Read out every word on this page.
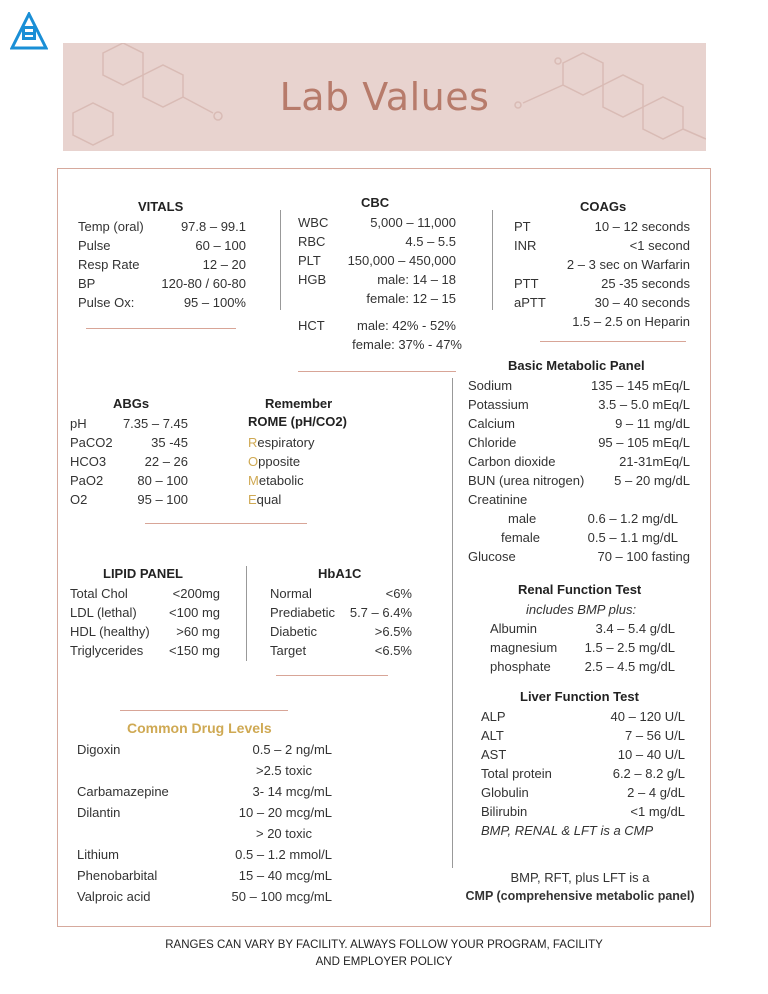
Lab Values
VITALS
Temp (oral)	97.8 – 99.1
Pulse	60 – 100
Resp Rate	12 – 20
BP	120-80 / 60-80
Pulse Ox:	95 – 100%
CBC
WBC	5,000 – 11,000
RBC	4.5 – 5.5
PLT 150,000 – 450,000
HGB	male: 14 – 18
female: 12 – 15
HCT male: 42% - 52%
female: 37% - 47%
COAGs
PT	10 – 12 seconds
INR	<1 second
2 – 3 sec on Warfarin
PTT	25 -35 seconds
aPTT	30 – 40 seconds
1.5 – 2.5 on Heparin
ABGs
pH	7.35 – 7.45
PaCO2	35 -45
HCO3	22 – 26
PaO2	80 – 100
O2	95 – 100
Remember
ROME (pH/CO2)
Respiratory
Opposite
Metabolic
Equal
Basic Metabolic Panel
Sodium	135 – 145 mEq/L
Potassium	3.5 – 5.0 mEq/L
Calcium	9 – 11 mg/dL
Chloride	95 – 105 mEq/L
Carbon dioxide	21-31mEq/L
BUN (urea nitrogen) 5 – 20 mg/dL
Creatinine
male	0.6 – 1.2 mg/dL
female	0.5 – 1.1 mg/dL
Glucose	70 – 100 fasting
LIPID PANEL
Total Chol	<200mg
LDL (lethal) <100 mg
HDL (healthy) >60 mg
Triglycerides <150 mg
HbA1C
Normal	<6%
Prediabetic 5.7 – 6.4%
Diabetic	>6.5%
Target	<6.5%
Renal Function Test
includes BMP plus:
Albumin	3.4 – 5.4 g/dL
magnesium 1.5 – 2.5 mg/dL
phosphate	2.5 – 4.5 mg/dL
Common Drug Levels
Digoxin	0.5 – 2 ng/mL
>2.5 toxic
Carbamazepine	3- 14 mcg/mL
Dilantin	10 – 20 mcg/mL
> 20 toxic
Lithium	0.5 – 1.2 mmol/L
Phenobarbital	15 – 40 mcg/mL
Valproic acid	50 – 100 mcg/mL
Liver Function Test
ALP	40 – 120 U/L
ALT	7 – 56 U/L
AST	10 – 40 U/L
Total protein	6.2 – 8.2 g/L
Globulin	2 – 4 g/dL
Bilirubin	<1 mg/dL
BMP, RENAL & LFT is a CMP
BMP, RFT, plus LFT is a
CMP (comprehensive metabolic panel)
RANGES CAN VARY BY FACILITY. ALWAYS FOLLOW YOUR PROGRAM, FACILITY
AND EMPLOYER POLICY
